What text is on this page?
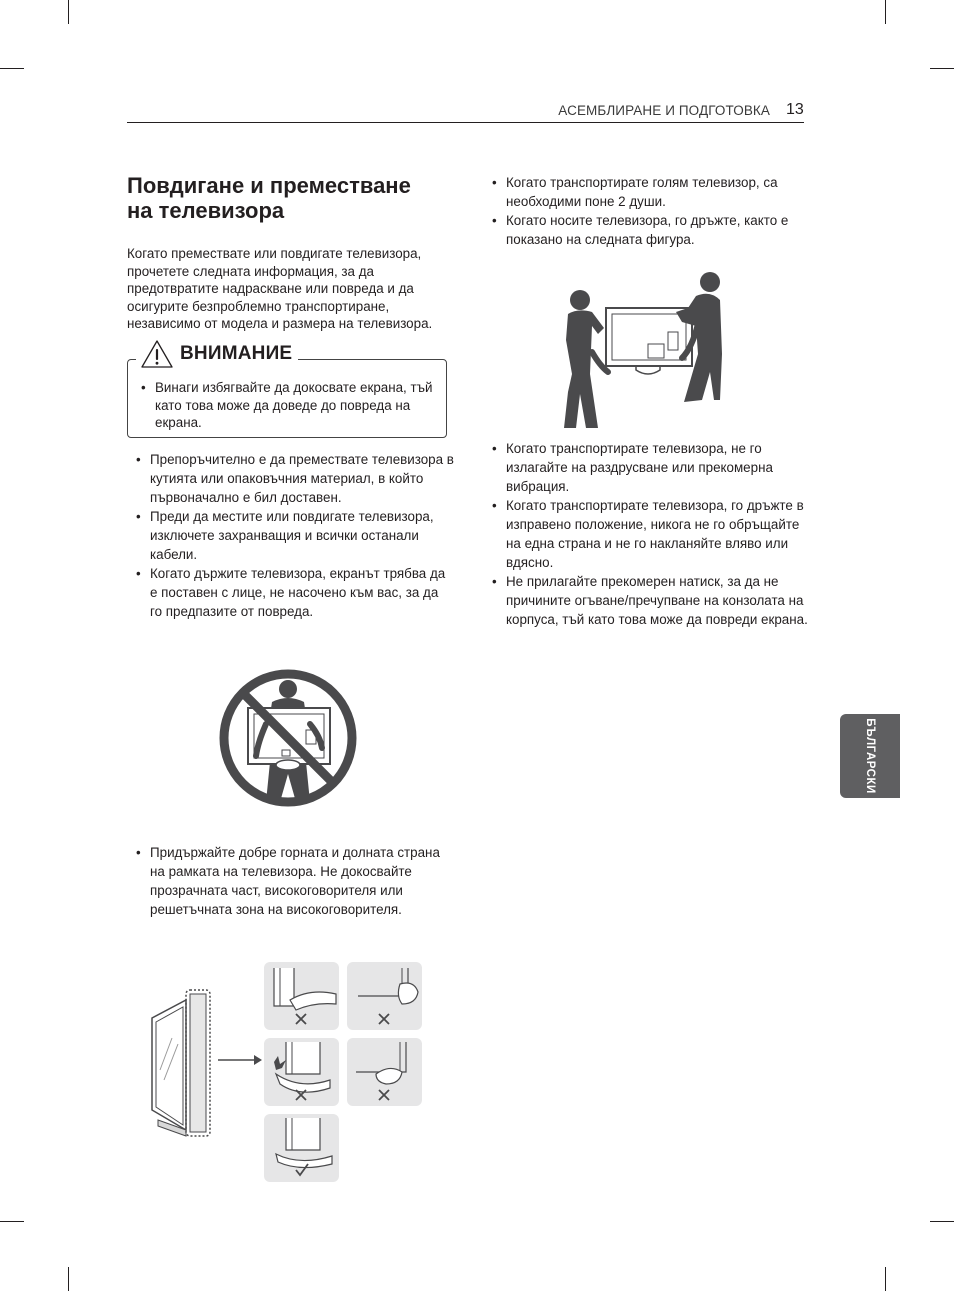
АСЕМБЛИРАНЕ И ПОДГОТОВКА 13
Повдигане и преместване
на телевизора

Когато премествате или повдигате телевизора, прочетете следната информация, за да предотвратите надраскване или повреда и да осигурите безпроблемно транспортиране, независимо от модела и размера на телевизора.

ВНИМАНИЕ
• Винаги избягвайте да докосвате екрана, тъй като това може да доведе до повреда на екрана.
• Препоръчително е да премествате телевизора в кутията или опаковъчния материал, в който първоначално е бил доставен.
• Преди да местите или повдигате телевизора, изключете захранващия и всички останали кабели.
• Когато държите телевизора, екранът трябва да е поставен с лице, не насочено към вас, за да го предпазите от повреда.
• Придържайте добре горната и долната страна на рамката на телевизора. Не докосвайте прозрачната част, високоговорителя или решетъчната зона на високоговорителя.
• Когато транспортирате голям телевизор, са необходими поне 2 души.
• Когато носите телевизора, го дръжте, както е показано на следната фигура.
• Когато транспортирате телевизора, не го излагайте на раздрусване или прекомерна вибрация.
• Когато транспортирате телевизора, го дръжте в изправено положение, никога не го обръщайте на една страна и не го накланяйте вляво или вдясно.
• Не прилагайте прекомерен натиск, за да не причините огъване/пречупване на конзолата на корпуса, тъй като това може да повреди екрана.
БЪЛГАРСКИ
